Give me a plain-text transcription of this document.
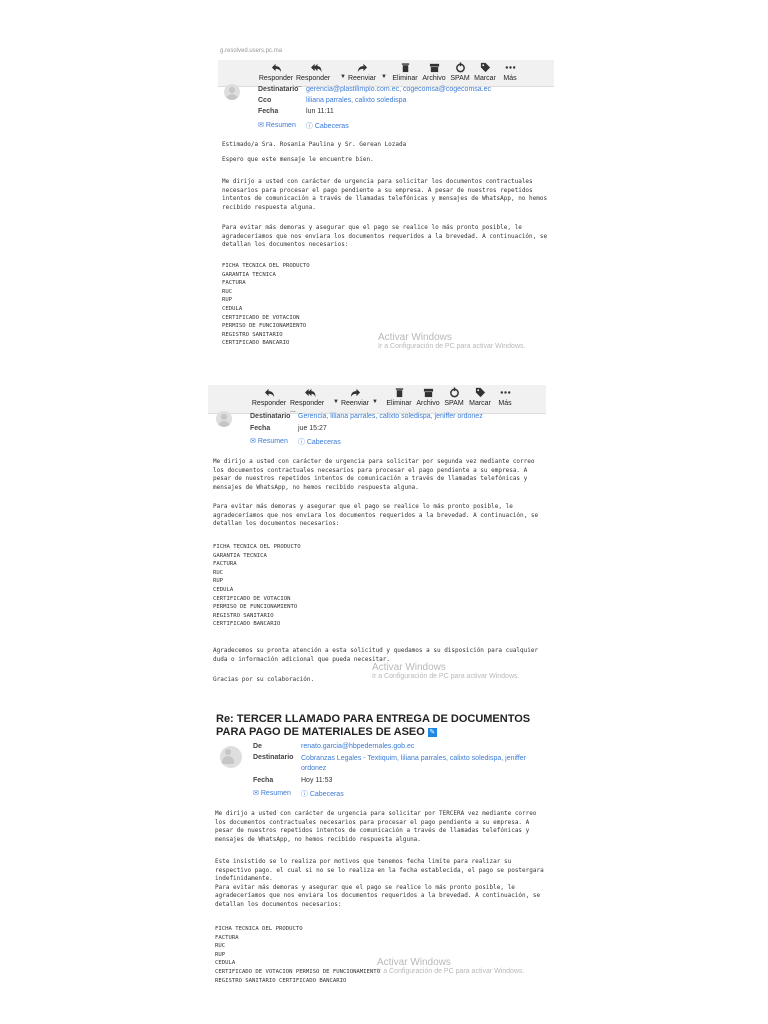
g.resolved.users.pc.ma
Responder Responder ...
▼ Reenviar ▼ Eliminar Archivo SPAM Marcar Más
Destinatario	gerencia@plastilimpio.com.ec, cogecomsa@cogecomsa.ec
Cco	liliana parrales, calixto soledispa
Fecha	lun 11:11
✉ Resumen ⓘ Cabeceras
Estimado/a Sra. Rosania Paulina y Sr. Gerean Lozada
Espero que este mensaje le encuentre bien.
Me dirijo a usted con carácter de urgencia para solicitar los documentos contractuales
necesarios para procesar el pago pendiente a su empresa. A pesar de nuestros repetidos
intentos de comunicación a través de llamadas telefónicas y mensajes de WhatsApp, no hemos
recibido respuesta alguna.
Para evitar más demoras y asegurar que el pago se realice lo más pronto posible, le
agradeceríamos que nos enviara los documentos requeridos a la brevedad. A continuación, se
detallan los documentos necesarios:
FICHA TECNICA DEL PRODUCTO
GARANTIA TECNICA
FACTURA
RUC
RUP
CEDULA
CERTIFICADO DE VOTACION
PERMISO DE FUNCIONAMIENTO
REGISTRO SANITARIO
CERTIFICADO BANCARIO
Activar Windows
Ir a Configuración de PC para activar Windows.
Responder Responder ...
▼ Reenviar ▼ Eliminar Archivo SPAM Marcar Más
Destinatario	Gerencia, liliana parrales, calixto soledispa, jeniffer ordonez
Fecha	jue 15:27
✉ Resumen ⓘ Cabeceras
Me dirijo a usted con carácter de urgencia para solicitar por segunda vez mediante correo
los documentos contractuales necesarios para procesar el pago pendiente a su empresa. A
pesar de nuestros repetidos intentos de comunicación a través de llamadas telefónicas y
mensajes de WhatsApp, no hemos recibido respuesta alguna.
Para evitar más demoras y asegurar que el pago se realice lo más pronto posible, le
agradeceríamos que nos enviara los documentos requeridos a la brevedad. A continuación, se
detallan los documentos necesarios:
FICHA TECNICA DEL PRODUCTO
GARANTIA TECNICA
FACTURA
RUC
RUP
CEDULA
CERTIFICADO DE VOTACION
PERMISO DE FUNCIONAMIENTO
REGISTRO SANITARIO
CERTIFICADO BANCARIO
Agradecemos su pronta atención a esta solicitud y quedamos a su disposición para cualquier
duda o información adicional que pueda necesitar.
Gracias por su colaboración.
Activar Windows
Ir a Configuración de PC para activar Windows.
Re: TERCER LLAMADO PARA ENTREGA DE DOCUMENTOS PARA PAGO DE MATERIALES DE ASEO ✎
De	renato.garcia@hbpedernales.gob.ec
Destinatario	Cobranzas Legales - Textiquim, liliana parrales, calixto soledispa, jeniffer ordonez
Fecha	Hoy 11:53
✉ Resumen ⓘ Cabeceras
Me dirijo a usted con carácter de urgencia para solicitar por TERCERA vez mediante correo
los documentos contractuales necesarios para procesar el pago pendiente a su empresa. A
pesar de nuestros repetidos intentos de comunicación a través de llamadas telefónicas y
mensajes de WhatsApp, no hemos recibido respuesta alguna.
Este insistido se lo realiza por motivos que tenemos fecha limite para realizar su
respectivo pago. el cual si no se lo realiza en la fecha establecida, el pago se postergara
indefinidamente.
Para evitar más demoras y asegurar que el pago se realice lo más pronto posible, le
agradeceríamos que nos enviara los documentos requeridos a la brevedad. A continuación, se
detallan los documentos necesarios:
FICHA TECNICA DEL PRODUCTO
FACTURA
RUC
RUP
CEDULA
CERTIFICADO DE VOTACION PERMISO DE FUNCIONAMIENTO
REGISTRO SANITARIO CERTIFICADO BANCARIO
Activar Windows
Ir a Configuración de PC para activar Windows.
